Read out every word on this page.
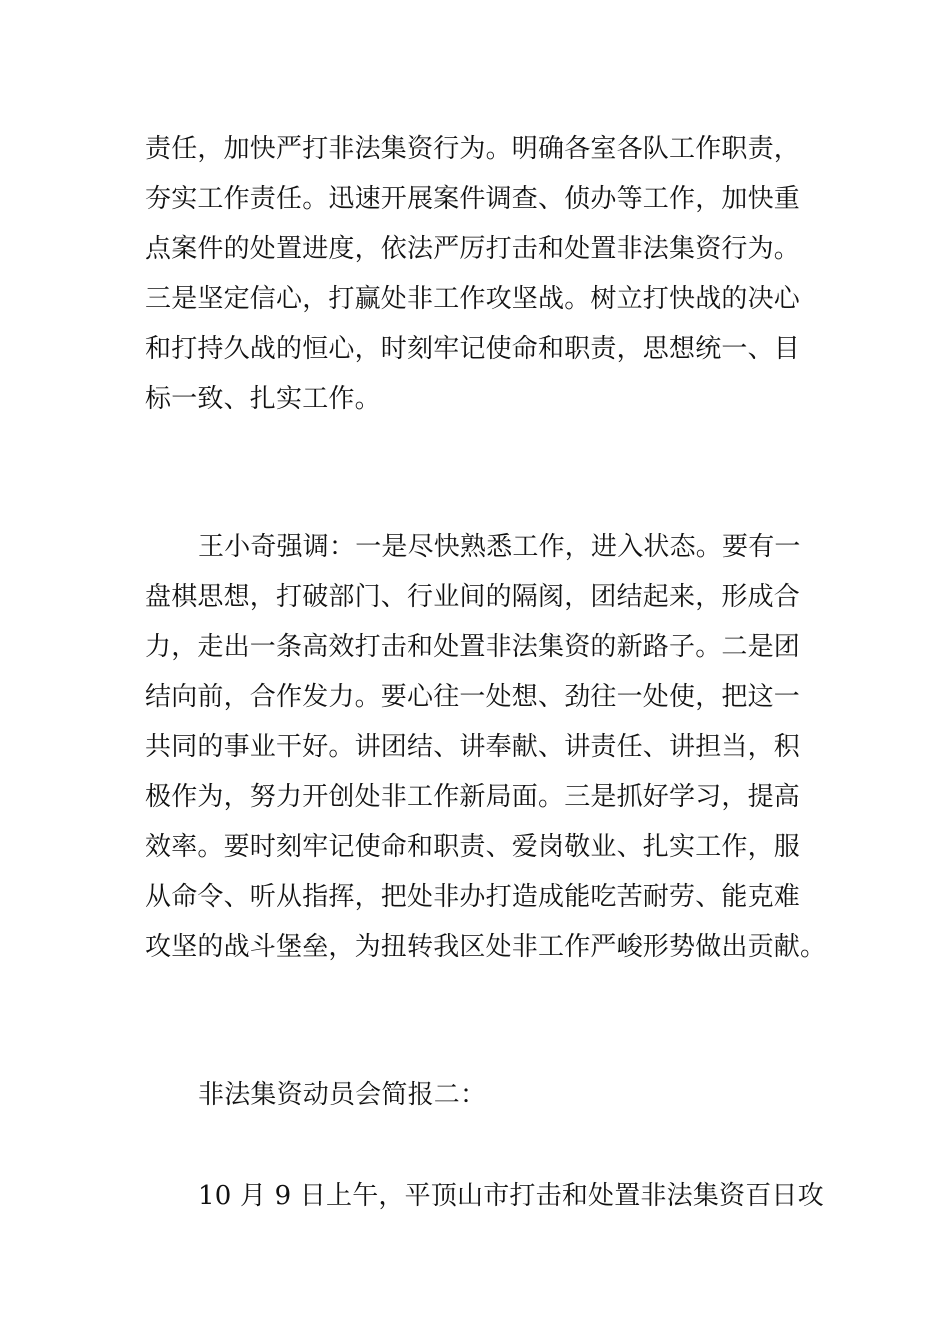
责任，加快严打非法集资行为。明确各室各队工作职责，
夯实工作责任。迅速开展案件调查、侦办等工作，加快重
点案件的处置进度，依法严厉打击和处置非法集资行为。
三是坚定信心，打赢处非工作攻坚战。树立打快战的决心
和打持久战的恒心，时刻牢记使命和职责，思想统一、目
标一致、扎实工作。
王小奇强调：一是尽快熟悉工作，进入状态。要有一
盘棋思想，打破部门、行业间的隔阂，团结起来，形成合
力，走出一条高效打击和处置非法集资的新路子。二是团
结向前，合作发力。要心往一处想、劲往一处使，把这一
共同的事业干好。讲团结、讲奉献、讲责任、讲担当，积
极作为，努力开创处非工作新局面。三是抓好学习，提高
效率。要时刻牢记使命和职责、爱岗敬业、扎实工作，服
从命令、听从指挥，把处非办打造成能吃苦耐劳、能克难
攻坚的战斗堡垒，为扭转我区处非工作严峻形势做出贡献。
非法集资动员会简报二：
10 月 9 日上午，平顶山市打击和处置非法集资百日攻
